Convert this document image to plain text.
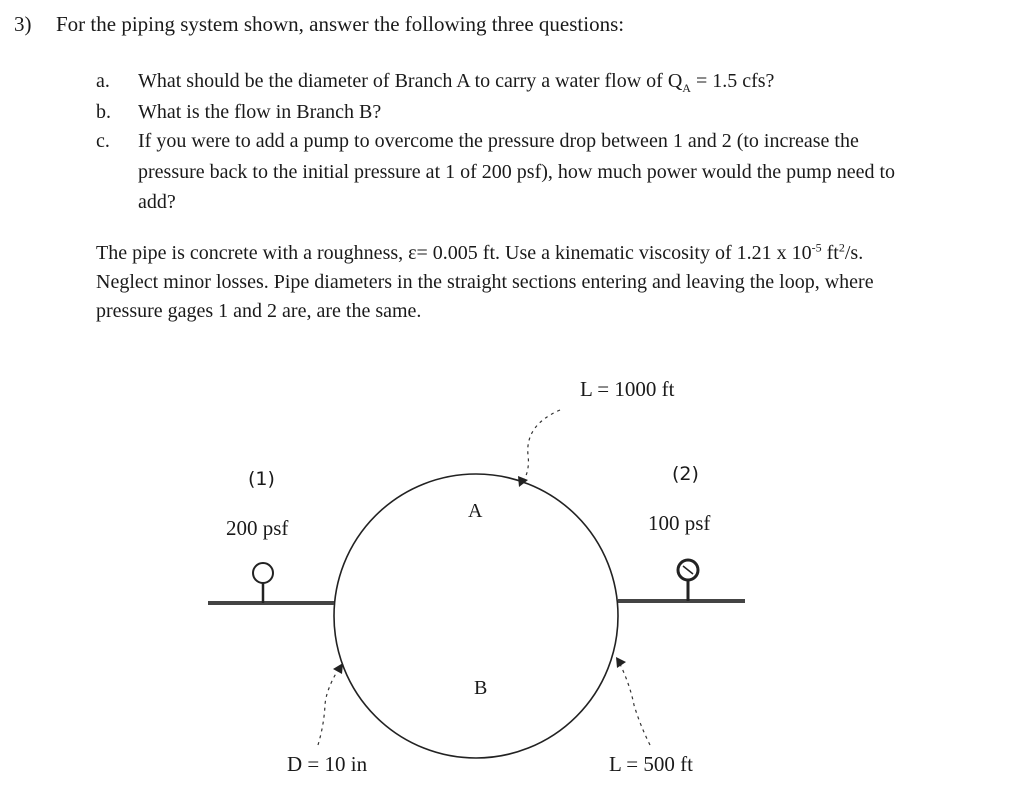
3) For the piping system shown, answer the following three questions:
a. What should be the diameter of Branch A to carry a water flow of $Q_A = 1.5$ cfs?
b. What is the flow in Branch B?
c. If you were to add a pump to overcome the pressure drop between 1 and 2 (to increase the
pressure back to the initial pressure at 1 of 200 psf), how much power would the pump need to
add?
The pipe is concrete with a roughness, ε= 0.005 ft. Use a kinematic viscosity of 1.21 x $10^{-5}$ $ft^2/s$.
Neglect minor losses. Pipe diameters in the straight sections entering and leaving the loop, where
pressure gages 1 and 2 are, are the same.
(1)
200 psf
(2)
100 psf
A
B
L = 1000 ft
L = 500 ft
D = 10 in
